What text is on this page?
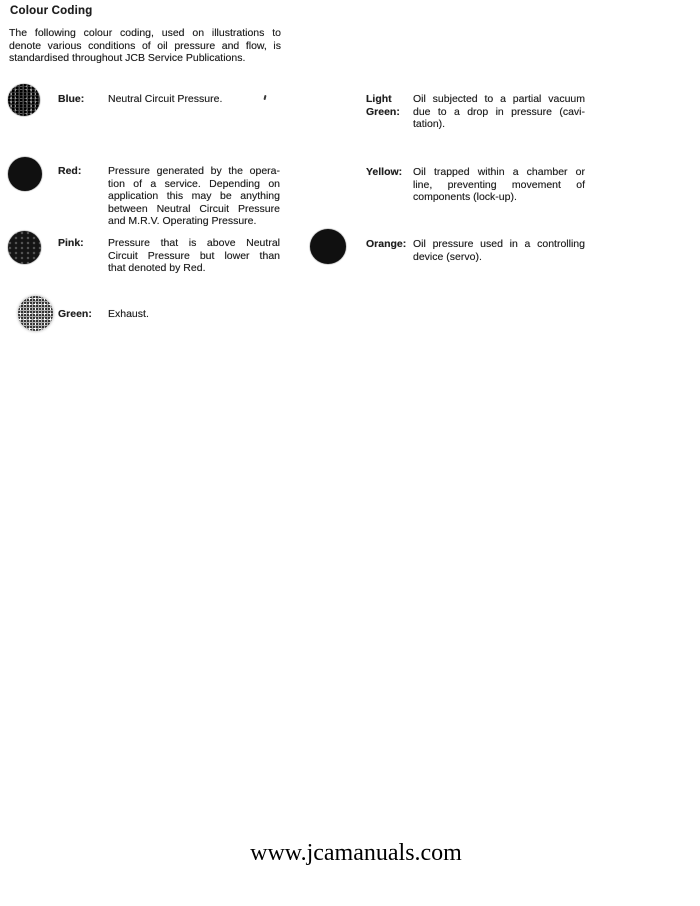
Colour Coding
The following colour coding, used on illustrations to
denote various conditions of oil pressure and flow, is
standardised throughout JCB Service Publications.
Blue: Neutral Circuit Pressure.
Red:	Pressure generated by the opera-
tion of a service. Depending on
application this may be anything
between Neutral Circuit Pressure
and M.R.V. Operating Pressure.
Pink: Pressure that is above Neutral
Circuit Pressure but lower than
that denoted by Red.
Green: Exhaust.
Light
Green:
Oil subjected to a partial vacuum
due to a drop in pressure (cavi-
tation).
Yellow: Oil trapped within a chamber or
line, preventing movement of
components (lock-up).
Orange: Oil pressure used in a controlling
device (servo).
www.jcamanuals.com
